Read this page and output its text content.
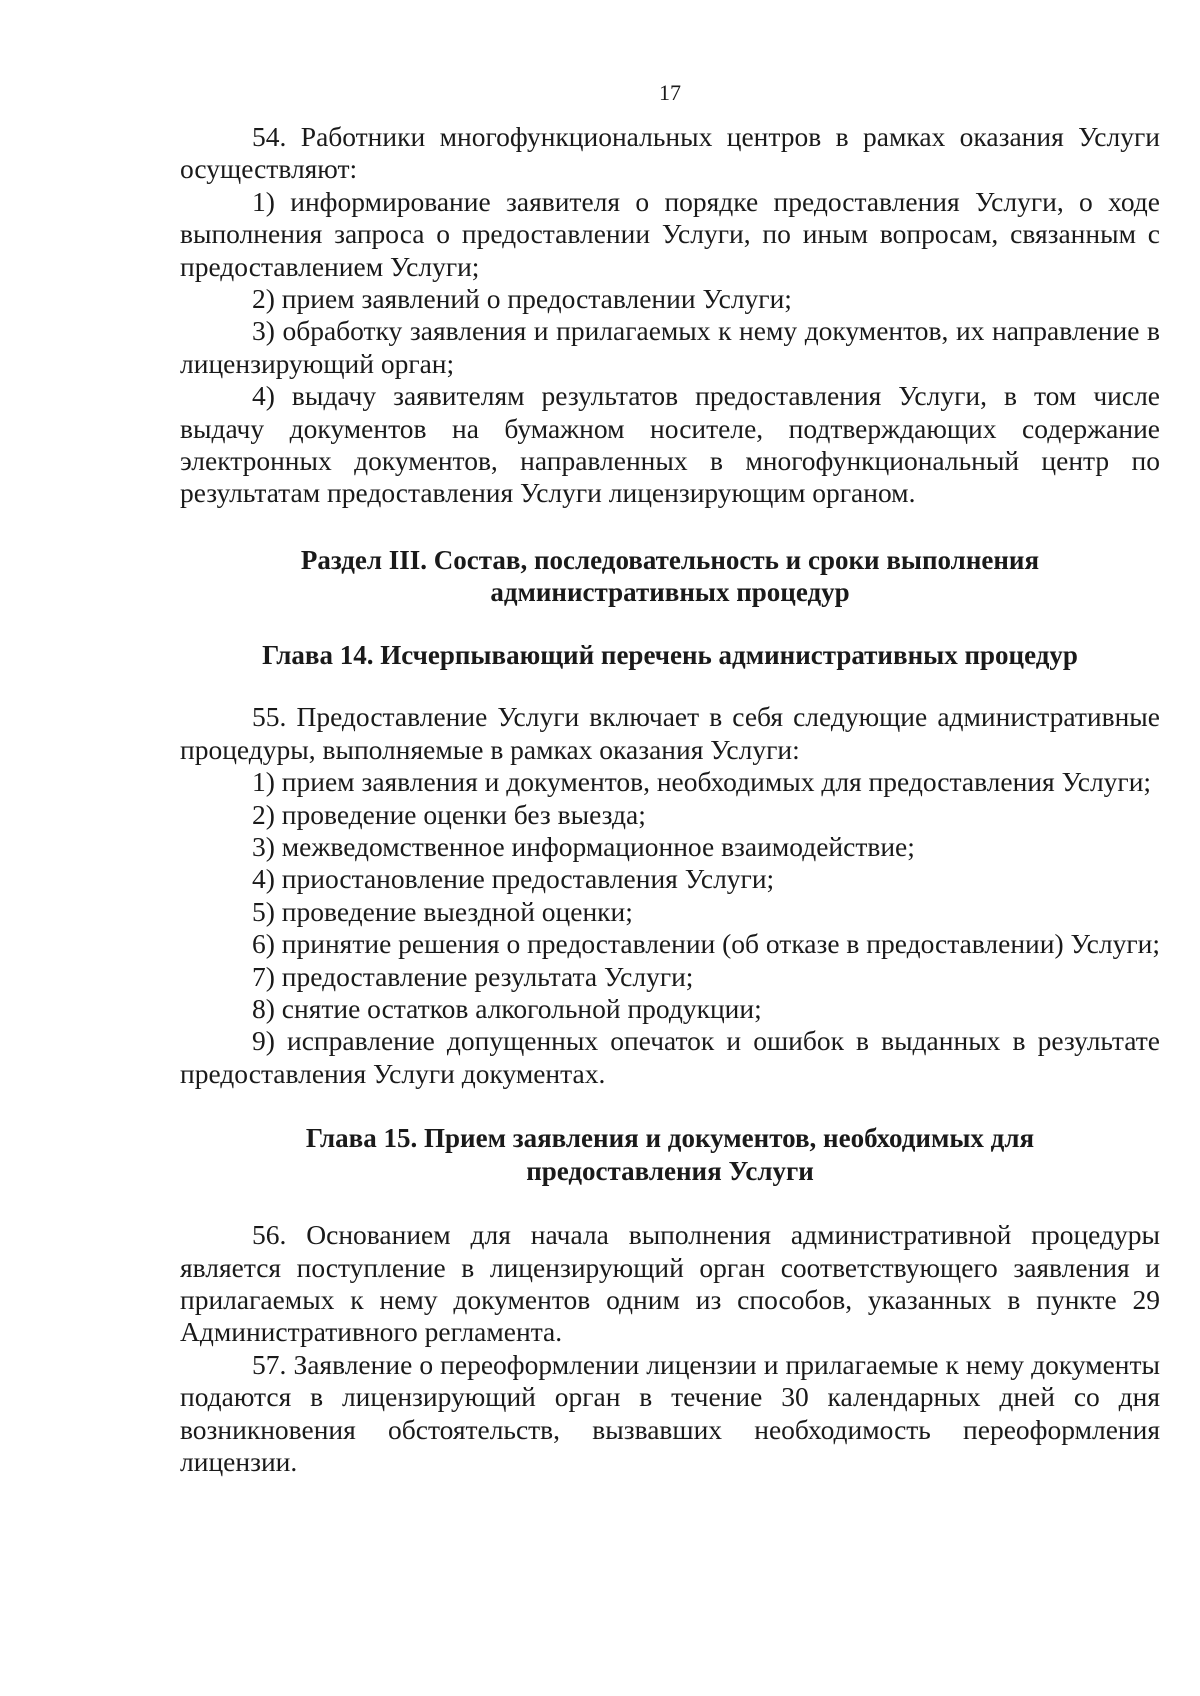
17

54. Работники многофункциональных центров в рамках оказания Услуги осуществляют:

1) информирование заявителя о порядке предоставления Услуги, о ходе выполнения запроса о предоставлении Услуги, по иным вопросам, связанным с предоставлением Услуги;

2) прием заявлений о предоставлении Услуги;

3) обработку заявления и прилагаемых к нему документов, их направление в лицензирующий орган;

4) выдачу заявителям результатов предоставления Услуги, в том числе выдачу документов на бумажном носителе, подтверждающих содержание электронных документов, направленных в многофункциональный центр по результатам предоставления Услуги лицензирующим органом.

Раздел III. Состав, последовательность и сроки выполнения

административных процедур

Глава 14. Исчерпывающий перечень административных процедур

55. Предоставление Услуги включает в себя следующие административные процедуры, выполняемые в рамках оказания Услуги:

1) прием заявления и документов, необходимых для предоставления Услуги;

2) проведение оценки без выезда;

3) межведомственное информационное взаимодействие;

4) приостановление предоставления Услуги;

5) проведение выездной оценки;

6) принятие решения о предоставлении (об отказе в предоставлении) Услуги;

7) предоставление результата Услуги;

8) снятие остатков алкогольной продукции;

9) исправление допущенных опечаток и ошибок в выданных в результате предоставления Услуги документах.

Глава 15. Прием заявления и документов, необходимых для

предоставления Услуги

56. Основанием для начала выполнения административной процедуры является поступление в лицензирующий орган соответствующего заявления и прилагаемых к нему документов одним из способов, указанных в пункте 29 Административного регламента.

57. Заявление о переоформлении лицензии и прилагаемые к нему документы подаются в лицензирующий орган в течение 30 календарных дней со дня возникновения обстоятельств, вызвавших необходимость переоформления лицензии.
